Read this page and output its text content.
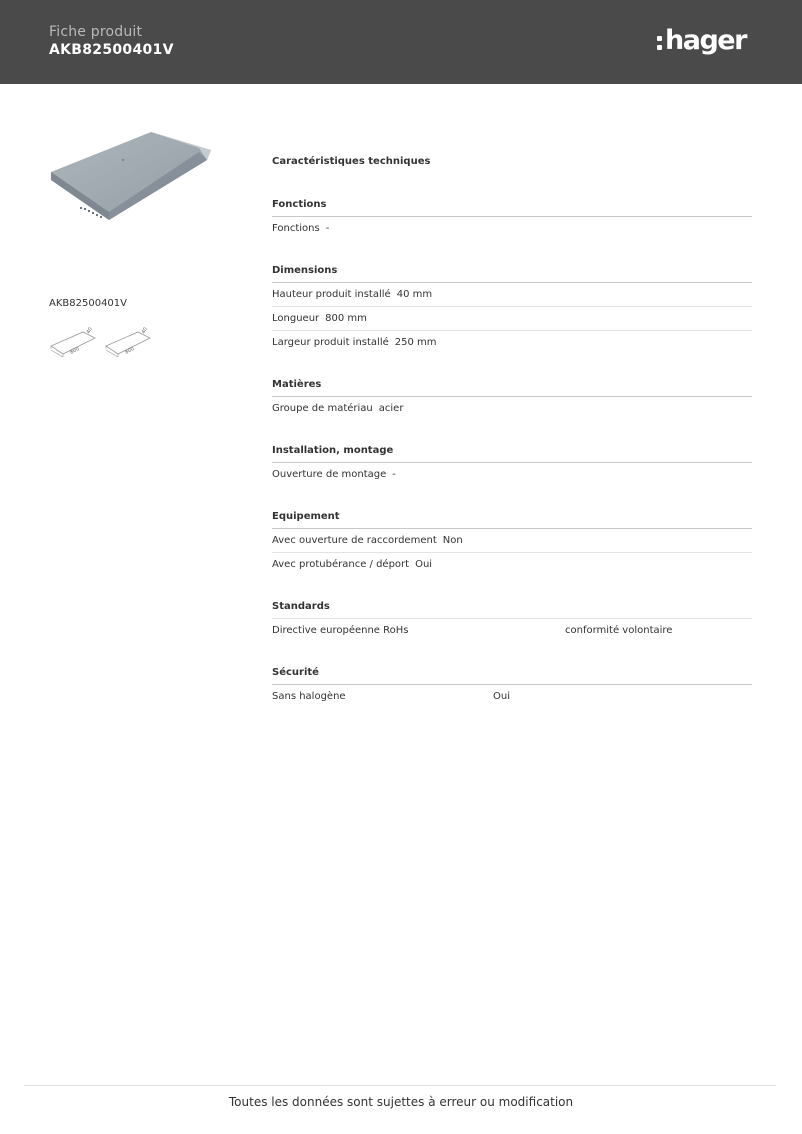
Fiche produit
AKB82500401V	hager
AKB82500401V
800
40
800
40
Caractéristiques techniques
Fonctions
Fonctions -
Dimensions
Hauteur produit installé 40 mm
Longueur 800 mm
Largeur produit installé 250 mm
Matières
Groupe de matériau acier
Installation, montage
Ouverture de montage -
Equipement
Avec ouverture de raccordement Non
Avec protubérance / déport Oui
Standards
Directive européenne RoHs	conformité volontaire
Sécurité
Sans halogène	Oui
Toutes les données sont sujettes à erreur ou modification
